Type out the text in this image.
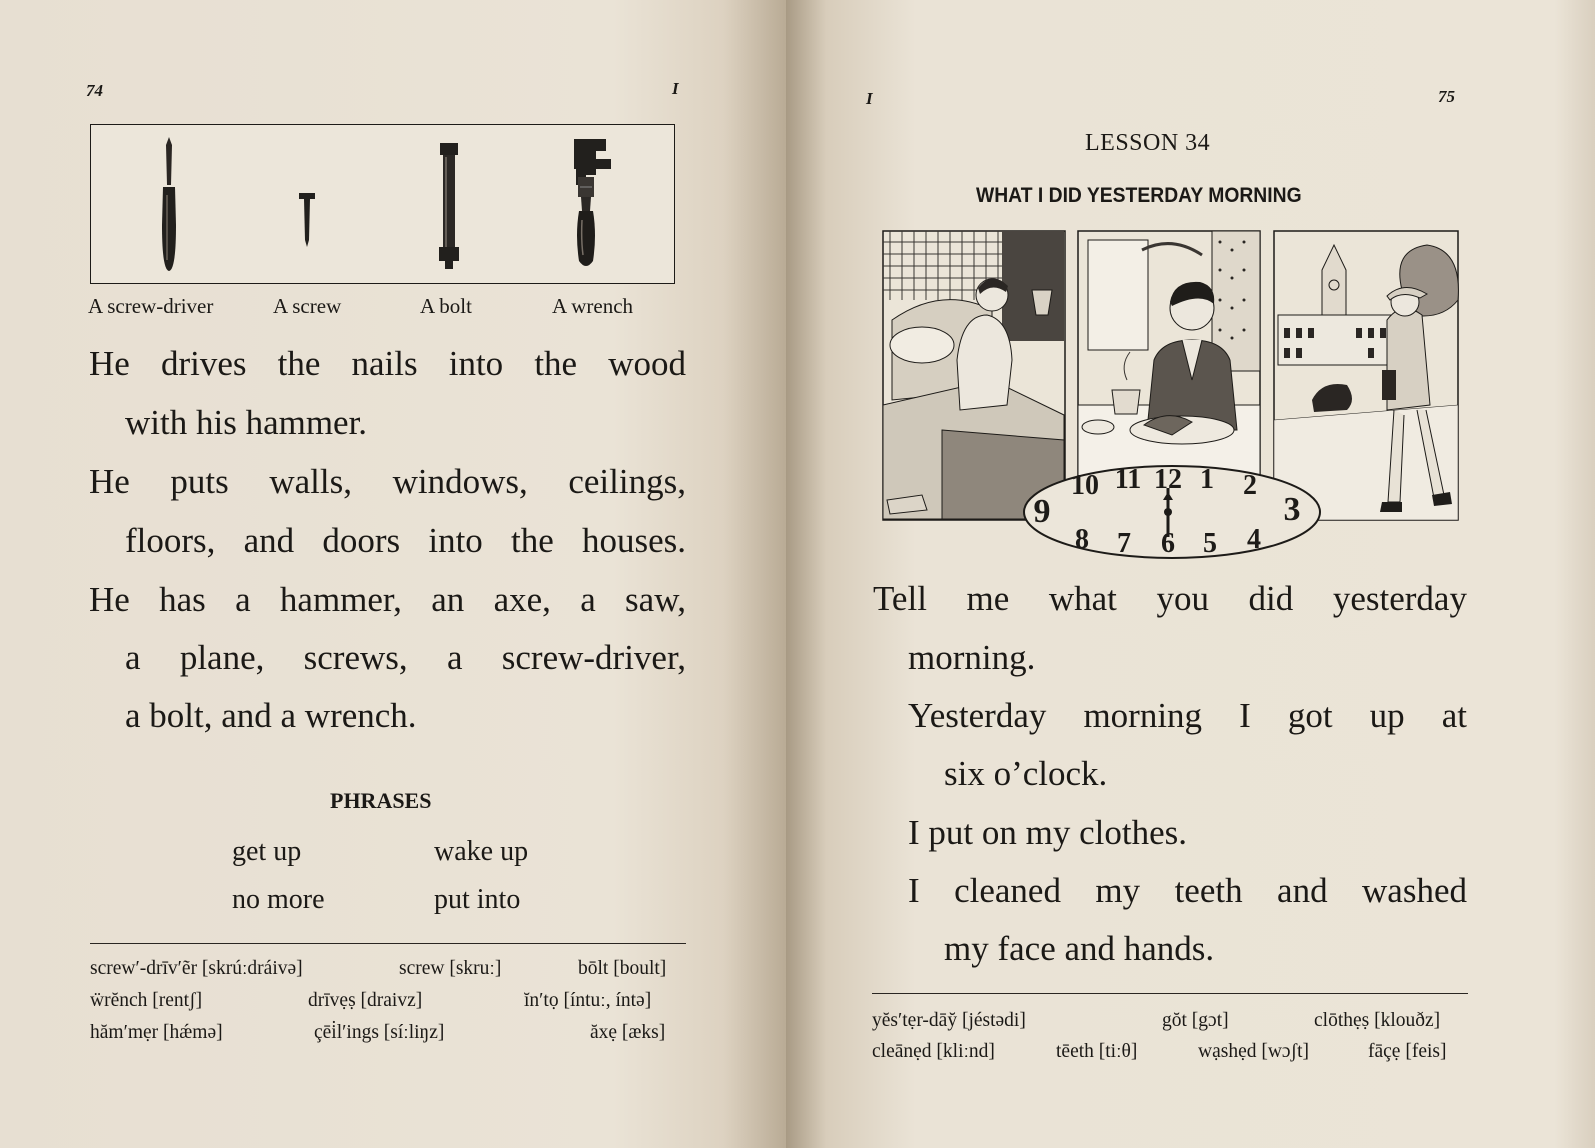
74	I
A screw-driver	A screw	A bolt	A wrench
He drives the nails into the wood
with his hammer.
He puts walls, windows, ceilings,
floors, and doors into the houses.
He has a hammer, an axe, a saw,
a plane, screws, a screw-driver,
a bolt, and a wrench.
PHRASES
get up	wake up
no more	put into
screw′-drīv′ẽr [skrúːdráivə]	screw [skruː]	bōlt [boult]
ẅrĕnch [rentʃ]	drīvẹṣ [draivz]	ĭn′tọ [íntuː, íntə]
hăm′mẹr [hǽmə]	çēi̇l′ings [síːliŋz]	ăxẹ [æks]
I	75
LESSON 34
WHAT I DID YESTERDAY MORNING
12 1 2
3
4
5
6
7
8
9
10 11
Tell me what you did yesterday
morning.
Yesterday morning I got up at
six o’clock.
I put on my clothes.
I cleaned my teeth and washed
my face and hands.
yĕs′tẹr-dāy̆ [jéstədi]	gŏt [gɔt]	clōthẹṣ [klouðz]
cleānẹd [kliːnd]	tēeth [tiːθ]	wạshẹd [wɔʃt]	fāçẹ [feis]
